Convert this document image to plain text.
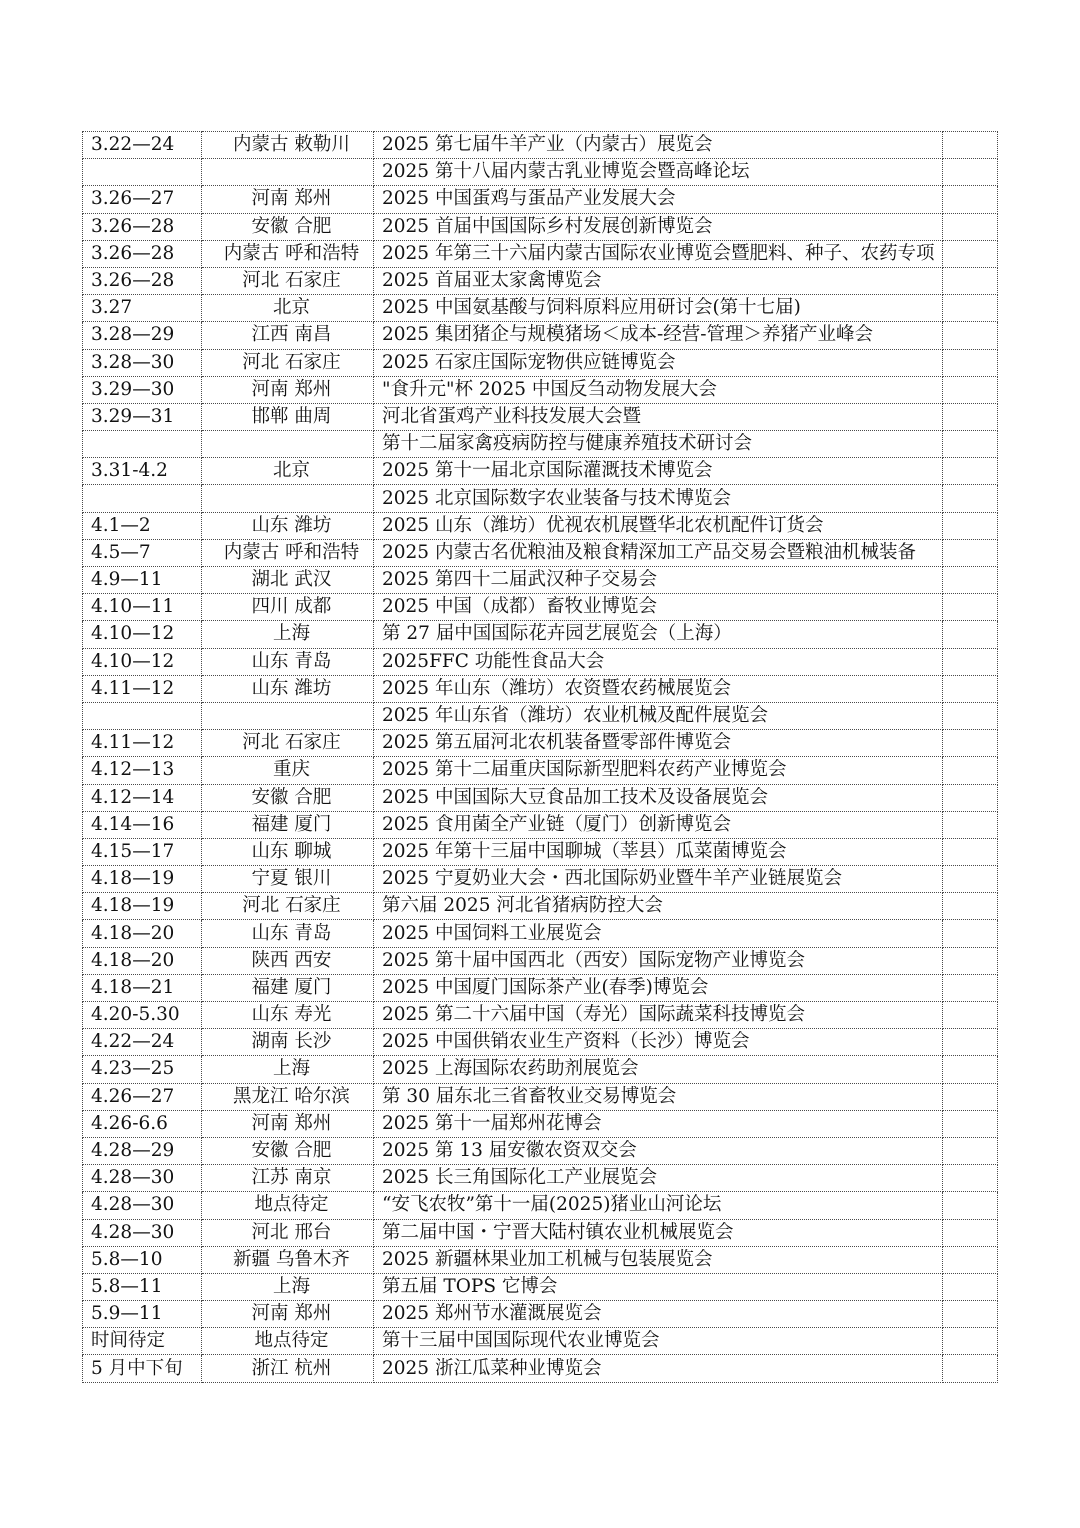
3.22—24	内蒙古 敕勒川	2025 第七届牛羊产业（内蒙古）展览会	
		2025 第十八届内蒙古乳业博览会暨高峰论坛	
3.26—27	河南 郑州	2025 中国蛋鸡与蛋品产业发展大会	
3.26—28	安徽 合肥	2025 首届中国国际乡村发展创新博览会	
3.26—28	内蒙古 呼和浩特	2025 年第三十六届内蒙古国际农业博览会暨肥料、种子、农药专项	
3.26—28	河北 石家庄	2025 首届亚太家禽博览会	
3.27	北京	2025 中国氨基酸与饲料原料应用研讨会(第十七届)	
3.28—29	江西 南昌	2025 集团猪企与规模猪场＜成本-经营-管理＞养猪产业峰会	
3.28—30	河北 石家庄	2025 石家庄国际宠物供应链博览会	
3.29—30	河南 郑州	"食升元"杯 2025 中国反刍动物发展大会	
3.29—31	邯郸 曲周	河北省蛋鸡产业科技发展大会暨	
		第十二届家禽疫病防控与健康养殖技术研讨会	
3.31-4.2	北京	2025 第十一届北京国际灌溉技术博览会	
		2025 北京国际数字农业装备与技术博览会	
4.1—2	山东 潍坊	2025 山东（潍坊）优视农机展暨华北农机配件订货会	
4.5—7	内蒙古 呼和浩特	2025 内蒙古名优粮油及粮食精深加工产品交易会暨粮油机械装备	
4.9—11	湖北 武汉	2025 第四十二届武汉种子交易会	
4.10—11	四川 成都	2025 中国（成都）畜牧业博览会	
4.10—12	上海	第 27 届中国国际花卉园艺展览会（上海）	
4.10—12	山东 青岛	2025FFC 功能性食品大会	
4.11—12	山东 潍坊	2025 年山东（潍坊）农资暨农药械展览会	
		2025 年山东省（潍坊）农业机械及配件展览会	
4.11—12	河北 石家庄	2025 第五届河北农机装备暨零部件博览会	
4.12—13	重庆	2025 第十二届重庆国际新型肥料农药产业博览会	
4.12—14	安徽 合肥	2025 中国国际大豆食品加工技术及设备展览会	
4.14—16	福建 厦门	2025 食用菌全产业链（厦门）创新博览会	
4.15—17	山东 聊城	2025 年第十三届中国聊城（莘县）瓜菜菌博览会	
4.18—19	宁夏 银川	2025 宁夏奶业大会・西北国际奶业暨牛羊产业链展览会	
4.18—19	河北 石家庄	第六届 2025 河北省猪病防控大会	
4.18—20	山东 青岛	2025 中国饲料工业展览会	
4.18—20	陕西 西安	2025 第十届中国西北（西安）国际宠物产业博览会	
4.18—21	福建 厦门	2025 中国厦门国际茶产业(春季)博览会	
4.20-5.30	山东 寿光	2025 第二十六届中国（寿光）国际蔬菜科技博览会	
4.22—24	湖南 长沙	2025 中国供销农业生产资料（长沙）博览会	
4.23—25	上海	2025 上海国际农药助剂展览会	
4.26—27	黑龙江 哈尔滨	第 30 届东北三省畜牧业交易博览会	
4.26-6.6	河南 郑州	2025 第十一届郑州花博会	
4.28—29	安徽 合肥	2025 第 13 届安徽农资双交会	
4.28—30	江苏 南京	2025 长三角国际化工产业展览会	
4.28—30	地点待定	“安飞农牧”第十一届(2025)猪业山河论坛	
4.28—30	河北 邢台	第二届中国・宁晋大陆村镇农业机械展览会	
5.8—10	新疆 乌鲁木齐	2025 新疆林果业加工机械与包装展览会	
5.8—11	上海	第五届 TOPS 它博会	
5.9—11	河南 郑州	2025 郑州节水灌溉展览会	
时间待定	地点待定	第十三届中国国际现代农业博览会	
5 月中下旬	浙江 杭州	2025 浙江瓜菜种业博览会	
